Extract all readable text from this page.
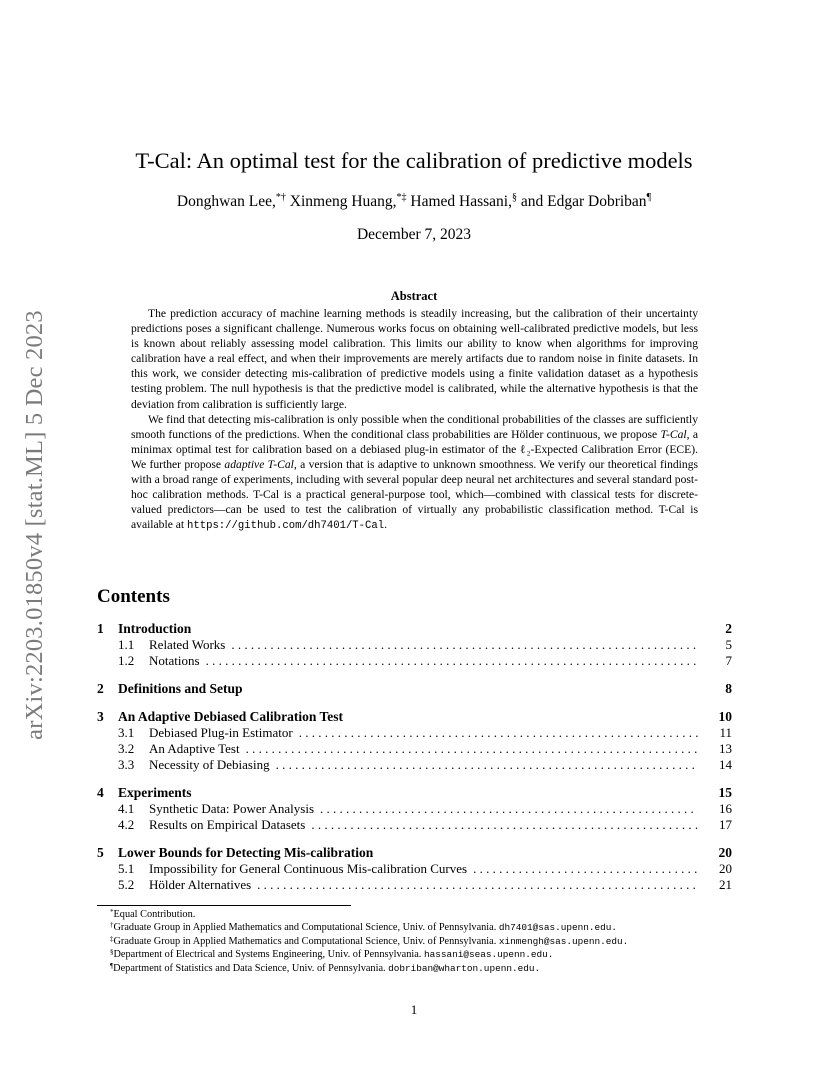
arXiv:2203.01850v4 [stat.ML] 5 Dec 2023
T-Cal: An optimal test for the calibration of predictive models
Donghwan Lee,*† Xinmeng Huang,*‡ Hamed Hassani,§ and Edgar Dobriban¶
December 7, 2023
Abstract

The prediction accuracy of machine learning methods is steadily increasing, but the calibration of their uncertainty predictions poses a significant challenge. Numerous works focus on obtaining well-calibrated predictive models, but less is known about reliably assessing model calibration. This limits our ability to know when algorithms for improving calibration have a real effect, and when their improvements are merely artifacts due to random noise in finite datasets. In this work, we consider detecting mis-calibration of predictive models using a finite validation dataset as a hypothesis testing problem. The null hypothesis is that the predictive model is calibrated, while the alternative hypothesis is that the deviation from calibration is sufficiently large.

We find that detecting mis-calibration is only possible when the conditional probabilities of the classes are sufficiently smooth functions of the predictions. When the conditional class probabilities are Hölder continuous, we propose T-Cal, a minimax optimal test for calibration based on a debiased plug-in estimator of the ℓ₂-Expected Calibration Error (ECE). We further propose adaptive T-Cal, a version that is adaptive to unknown smoothness. We verify our theoretical findings with a broad range of experiments, including with several popular deep neural net architectures and several standard post-hoc calibration methods. T-Cal is a practical general-purpose tool, which—combined with classical tests for discrete-valued predictors—can be used to test the calibration of virtually any probabilistic classification method. T-Cal is available at https://github.com/dh7401/T-Cal.

Contents
1	Introduction	2
1.1	Related Works . . .	5
1.2	Notations . . .	7
2	Definitions and Setup	8
3	An Adaptive Debiased Calibration Test	10
3.1	Debiased Plug-in Estimator . . .	11
3.2	An Adaptive Test . . .	13
3.3	Necessity of Debiasing . . .	14
4	Experiments	15
4.1	Synthetic Data: Power Analysis . . .	16
4.2	Results on Empirical Datasets . . .	17
5	Lower Bounds for Detecting Mis-calibration	20
5.1	Impossibility for General Continuous Mis-calibration Curves . . .	20
5.2	Hölder Alternatives . . .	21
*Equal Contribution.
†Graduate Group in Applied Mathematics and Computational Science, Univ. of Pennsylvania. dh7401@sas.upenn.edu.
‡Graduate Group in Applied Mathematics and Computational Science, Univ. of Pennsylvania. xinmengh@sas.upenn.edu.
§Department of Electrical and Systems Engineering, Univ. of Pennsylvania. hassani@seas.upenn.edu.
¶Department of Statistics and Data Science, Univ. of Pennsylvania. dobriban@wharton.upenn.edu.
1
